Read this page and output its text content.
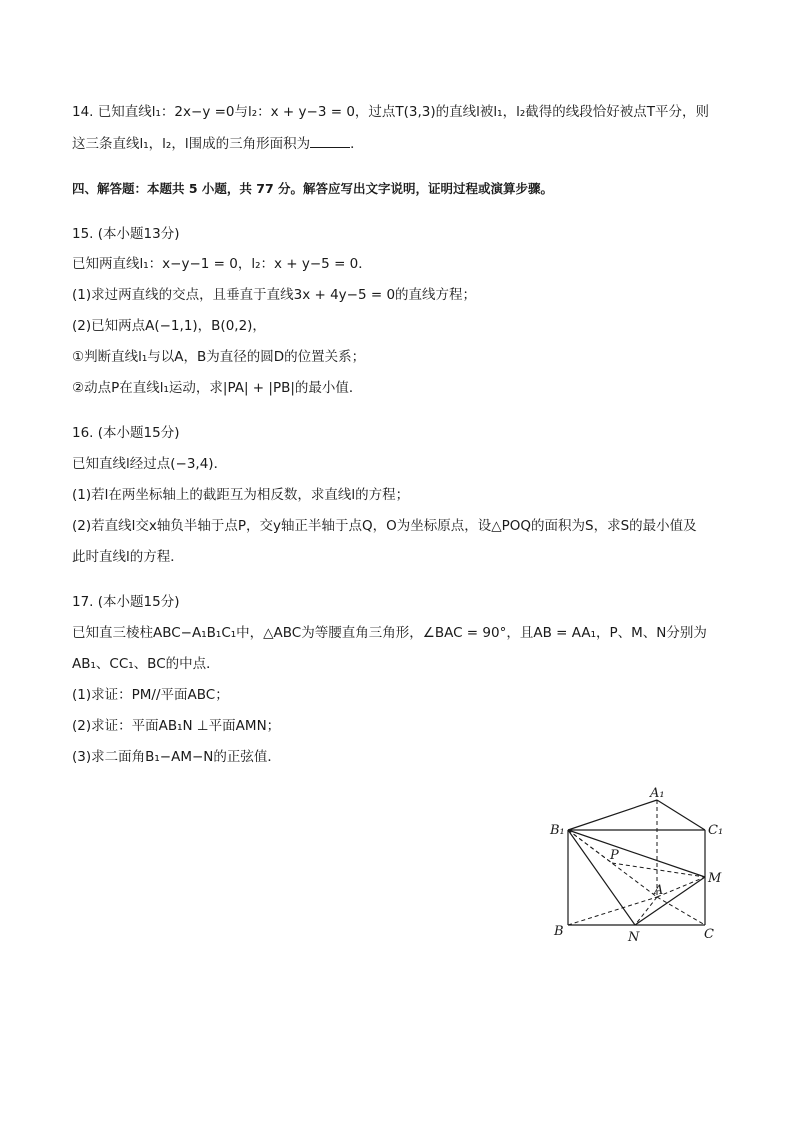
14. 已知直线l₁：2x−y =0与l₂：x + y−3 = 0，过点T(3,3)的直线l被l₁，l₂截得的线段恰好被点T平分，则
这三条直线l₁，l₂，l围成的三角形面积为	．
四、解答题：本题共 5 小题，共 77 分。解答应写出文字说明，证明过程或演算步骤。
15. (本小题13分)
已知两直线l₁：x−y−1 = 0，l₂：x + y−5 = 0．
(1)求过两直线的交点，且垂直于直线3x + 4y−5 = 0的直线方程；
(2)已知两点A(−1,1)，B(0,2)，
①判断直线l₁与以A，B为直径的圆D的位置关系；
②动点P在直线l₁运动，求|PA| + |PB|的最小值．
16. (本小题15分)
已知直线l经过点(−3,4)．
(1)若l在两坐标轴上的截距互为相反数，求直线l的方程；
(2)若直线l交x轴负半轴于点P，交y轴正半轴于点Q，O为坐标原点，设△POQ的面积为S，求S的最小值及
此时直线l的方程．
17. (本小题15分)
已知直三棱柱ABC−A₁B₁C₁中，△ABC为等腰直角三角形，∠BAC = 90°，且AB = AA₁，P、M、N分别为
AB₁、CC₁、BC的中点．
(1)求证：PM//平面ABC；
(2)求证：平面AB₁N ⊥平面AMN；
(3)求二面角B₁−AM−N的正弦值．
A₁
B₁	C₁
P
M
A
B	N	C
